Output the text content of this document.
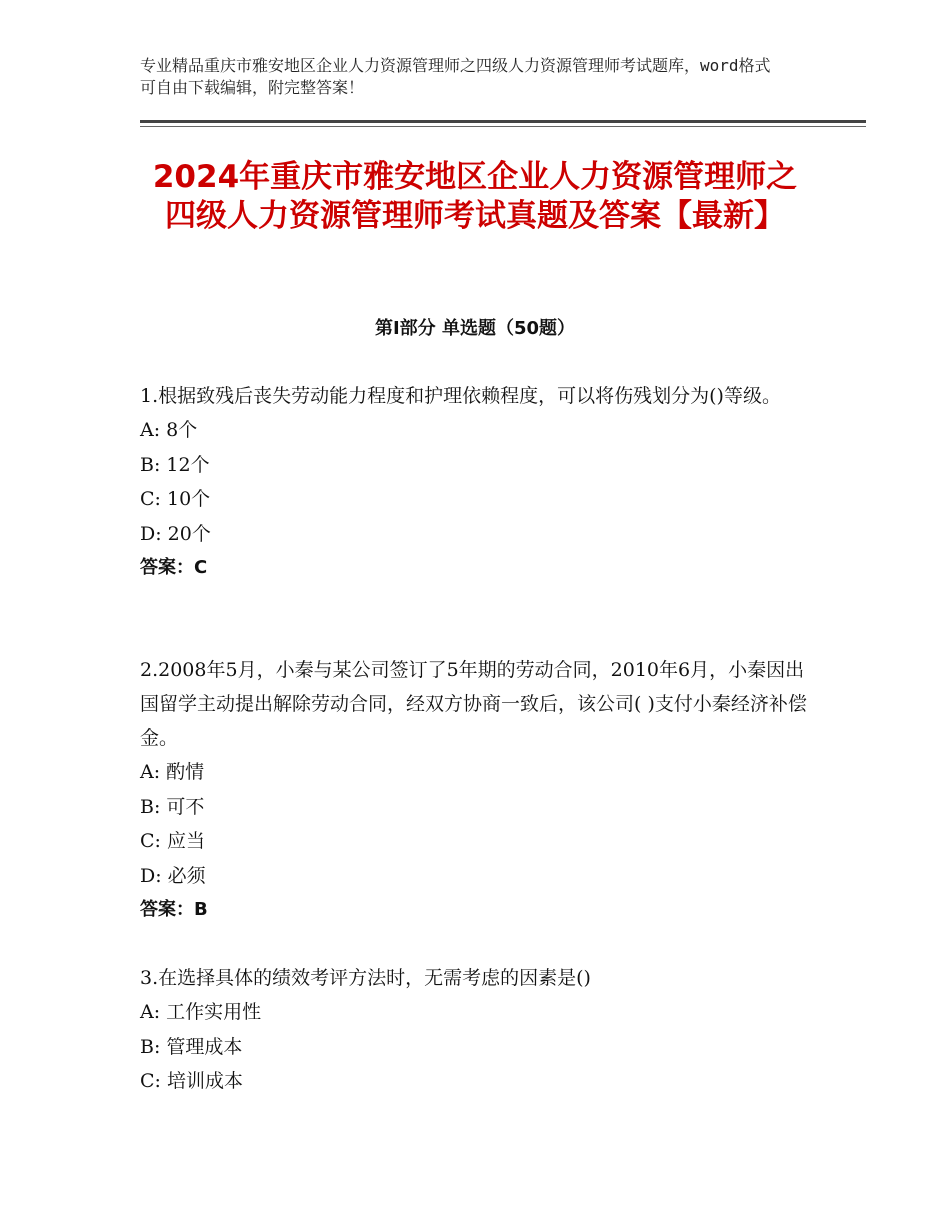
专业精品重庆市雅安地区企业人力资源管理师之四级人力资源管理师考试题库，word格式可自由下载编辑，附完整答案！
2024年重庆市雅安地区企业人力资源管理师之四级人力资源管理师考试真题及答案【最新】
第Ⅰ部分 单选题（50题）

1.根据致残后丧失劳动能力程度和护理依赖程度，可以将伤残划分为()等级。

A: 8个

B: 12个

C: 10个

D: 20个

答案：C

2.2008年5月，小秦与某公司签订了5年期的劳动合同，2010年6月，小秦因出国留学主动提出解除劳动合同，经双方协商一致后，该公司( )支付小秦经济补偿金。

A: 酌情

B: 可不

C: 应当

D: 必须

答案：B

3.在选择具体的绩效考评方法时，无需考虑的因素是()

A: 工作实用性

B: 管理成本

C: 培训成本
